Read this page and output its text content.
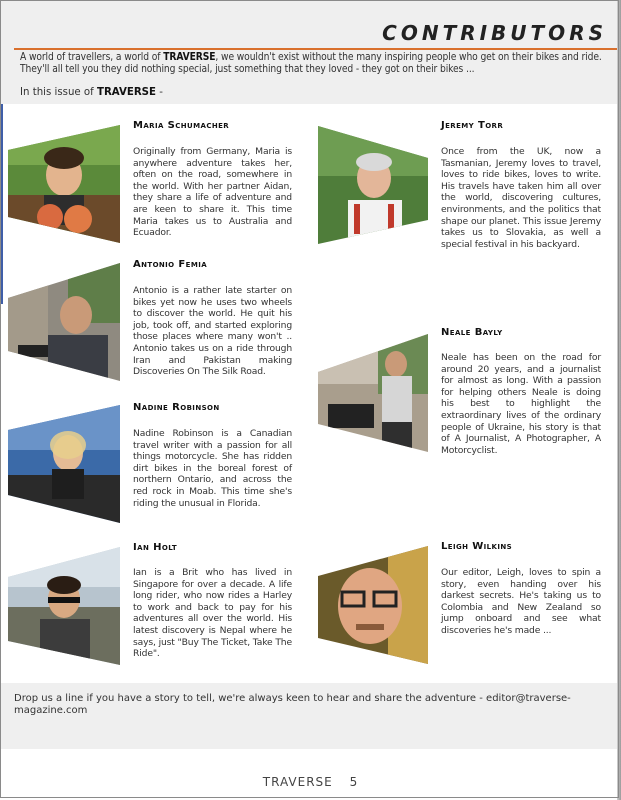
CONTRIBUTORS
A world of travellers, a world of TRAVERSE, we wouldn't exist without the many inspiring people who get on their bikes and ride. They'll all tell you they did nothing special, just something that they loved - they got on their bikes ...
In this issue of TRAVERSE -
Maria Schumacher
Originally from Germany, Maria is anywhere adventure takes her, often on the road, somewhere in the world. With her partner Aidan, they share a life of adventure and are keen to share it. This time Maria takes us to Australia and Ecuador.
Antonio Femia
Antonio is a rather late starter on bikes yet now he uses two wheels to discover the world. He quit his job, took off, and started exploring those places where many won't .. Antonio takes us on a ride through Iran and Pakistan making Discoveries On The Silk Road.
Nadine Robinson
Nadine Robinson is a Canadian travel writer with a passion for all things motorcycle. She has ridden dirt bikes in the boreal forest of northern Ontario, and across the red rock in Moab. This time she's riding the unusual in Florida.
Ian Holt
Ian is a Brit who has lived in Singapore for over a decade. A life long rider, who now rides a Harley to work and back to pay for his adventures all over the world. His latest discovery is Nepal where he says, just "Buy The Ticket, Take The Ride".
Jeremy Torr
Once from the UK, now a Tasmanian, Jeremy loves to travel, loves to ride bikes, loves to write. His travels have taken him all over the world, discovering cultures, environments, and the politics that shape our planet. This issue Jeremy takes us to Slovakia, as well a special festival in his backyard.
Neale Bayly
Neale has been on the road for around 20 years, and a journalist for almost as long. With a passion for helping others Neale is doing his best to highlight the extraordinary lives of the ordinary people of Ukraine, his story is that of A Journalist, A Photographer, A Motorcyclist.
Leigh Wilkins
Our editor, Leigh, loves to spin a story, even handing over his darkest secrets. He's taking us to Colombia and New Zealand so jump onboard and see what discoveries he's made ...
Drop us a line if you have a story to tell, we're always keen to hear and share the adventure - editor@traverse-magazine.com
TRAVERSE 5
